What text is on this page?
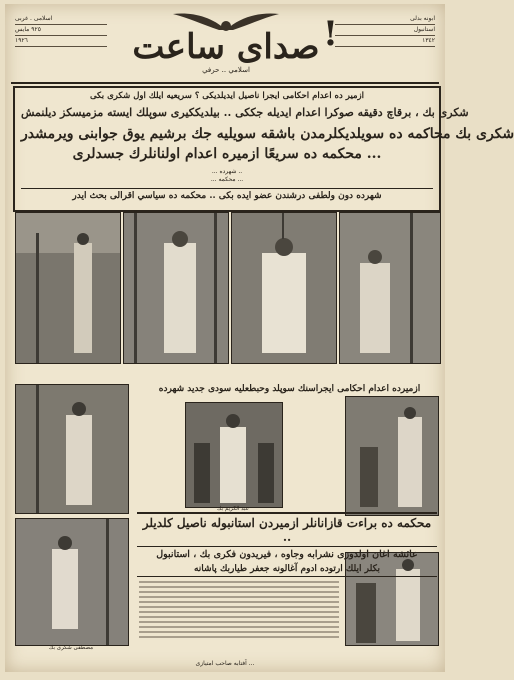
اسلامى . غربى
٩٢٥ مايس
١٩٢٦	صداى ساعت
اسلامي .. حرفي
!	ابونه بدلى
استانبول
١٣٤٢
ازمير ده اعدام احكامى ايجرا ناصيل ايديلديكى ؟ سريعيه ايلك اول شكرى بكى
شكرى بك ، برقاچ دقيقه صوكرا اعدام ايديله جككى .. بيلديككيرى سوپلك ايسته مزميسكز ديلنمش
شكرى بك محاكمه ده سويلديكلرمدن باشقه سويليه جك برشيم يوق جوابنى ويرمشدر
محكمه ده سريعًا ازميره اعدام اولنانلرك جسدلرى ...
... شهرده ..
... محكمه ...
شهرده دون ولطفى درشندن عضو ايده بكى .. محكمه ده سياسي اقرالى بحث ايدر
ازميرده اعدام احكامى ايجراسنك سوپلد وحبطعليه سودى جديد شهرده
مصطفى شكرى بك
عبد الكريم بك
محكمه ده براءت قازانانلر ازميردن استانبوله ناصيل كلديلر ..
عائشه اغان اولدوزى نشرابه وجاوه ، فيريدون فكرى بك ، استانبول
بكلر ايلك ارتوده ادوم آغالونه جعفر طياربك پاشانه
آفتابه صاحب امتيازى ...
